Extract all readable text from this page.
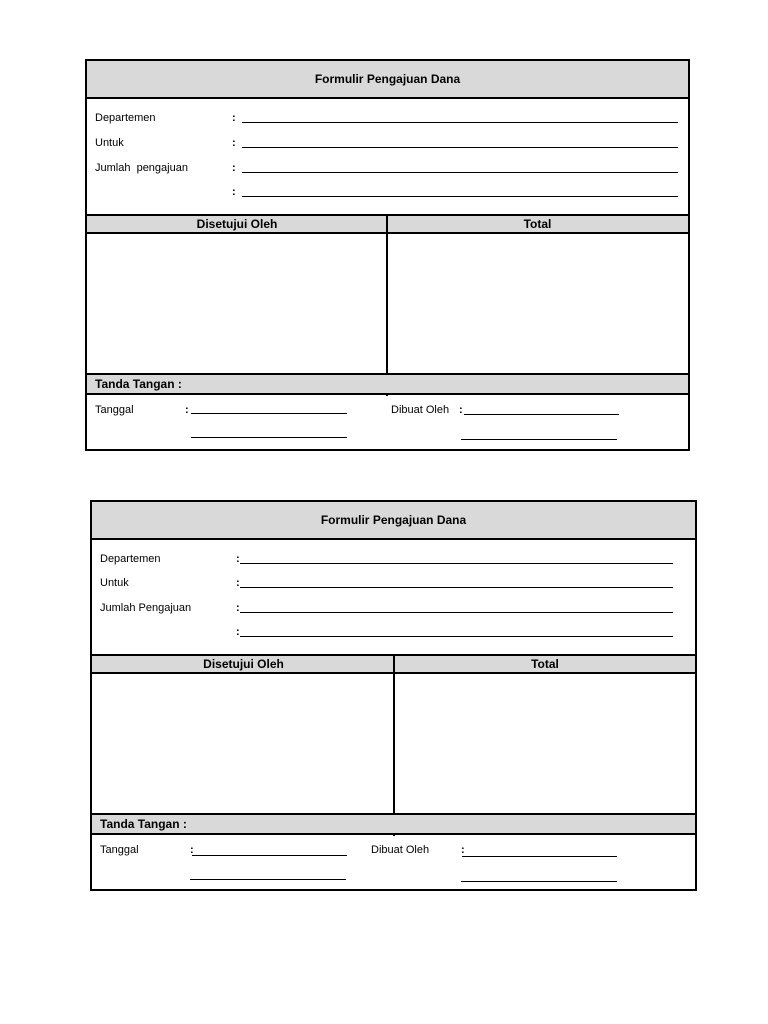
Formulir Pengajuan Dana
Departemen	:
Untuk	:
Jumlah  pengajuan	:
:
Disetujui Oleh	Total
Tanda Tangan :
Tanggal	:	Dibuat Oleh :
Formulir Pengajuan Dana
Departemen	:
Untuk	:
Jumlah Pengajuan	:
:
Disetujui Oleh	Total
Tanda Tangan :
Tanggal	:	Dibuat Oleh	:
